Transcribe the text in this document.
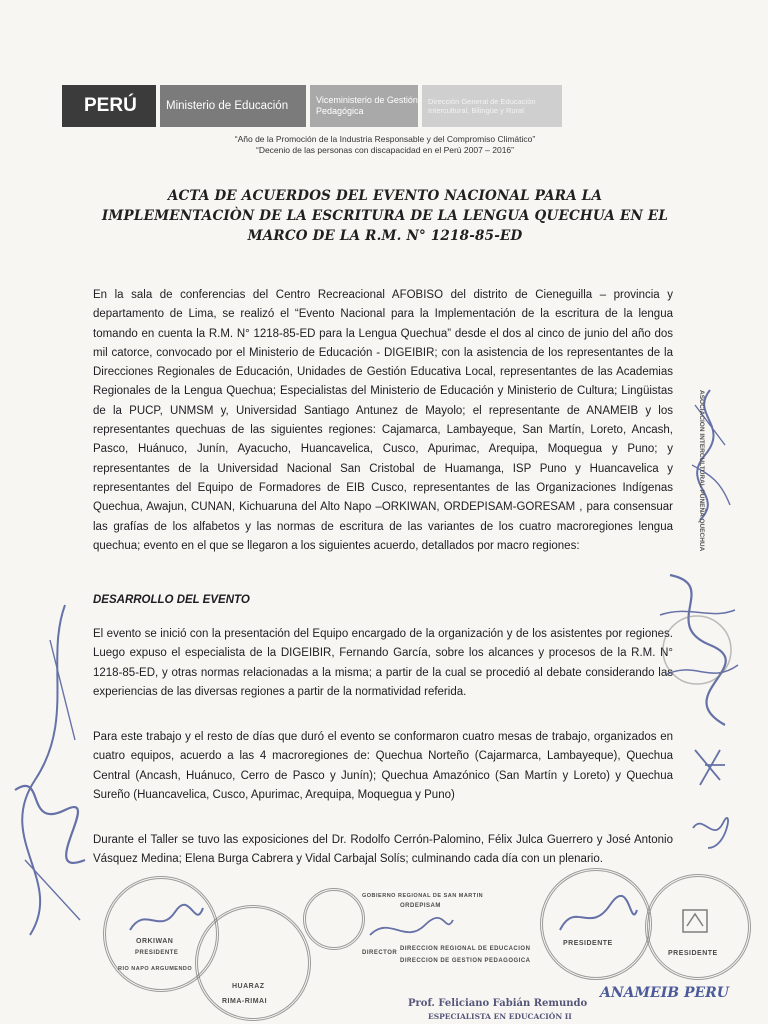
PERÚ	Ministerio de Educación	Viceministerio de Gestión Pedagógica
Dirección General de Educación Intercultural, Bilingüe y Rural
“Año de la Promoción de la Industria Responsable y del Compromiso Climático”
“Decenio de las personas con discapacidad en el Perú 2007 – 2016”
ACTA DE ACUERDOS DEL EVENTO NACIONAL PARA LA
IMPLEMENTACIÒN DE LA ESCRITURA DE LA LENGUA QUECHUA EN EL
MARCO DE LA R.M. N° 1218-85-ED
En la sala de conferencias del Centro Recreacional AFOBISO del distrito de Cieneguilla – provincia y departamento de Lima, se realizó el “Evento Nacional para la Implementación de la escritura de la lengua tomando en cuenta la R.M. N° 1218-85-ED para la Lengua Quechua” desde el dos al cinco de junio del año dos mil catorce, convocado por el Ministerio de Educación - DIGEIBIR; con la asistencia de los representantes de la Direcciones Regionales de Educación, Unidades de Gestión Educativa Local, representantes de las Academias Regionales de la Lengua Quechua; Especialistas del Ministerio de Educación y Ministerio de Cultura; Lingüistas de la PUCP, UNMSM y, Universidad Santiago Antunez de Mayolo; el representante de ANAMEIB y los representantes quechuas de las siguientes regiones: Cajamarca, Lambayeque, San Martín, Loreto, Ancash, Pasco, Huánuco, Junín, Ayacucho, Huancavelica, Cusco, Apurimac, Arequipa, Moquegua y Puno; y representantes de la Universidad Nacional San Cristobal de Huamanga, ISP Puno y Huancavelica y representantes del Equipo de Formadores de EIB Cusco, representantes de las Organizaciones Indígenas Quechua, Awajun, CUNAN, Kichuaruna del Alto Napo –ORKIWAN, ORDEPISAM-GORESAM , para consensuar las grafías de los alfabetos y las normas de escritura de las variantes de los cuatro macroregiones lengua quechua; evento en el que se llegaron a los siguientes acuerdo, detallados por macro regiones:
DESARROLLO DEL EVENTO
El evento se inició con la presentación del Equipo encargado de la organización y de los asistentes por regiones. Luego expuso el especialista de la DIGEIBIR, Fernando García, sobre los alcances y procesos de la R.M. N° 1218-85-ED, y otras normas relacionadas a la misma; a partir de la cual se procedió al debate considerando las experiencias de las diversas regiones a partir de la normatividad referida.
Para este trabajo y el resto de días que duró el evento se conformaron cuatro mesas de trabajo, organizados en cuatro equipos, acuerdo a las 4 macroregiones de: Quechua Norteño (Cajarmarca, Lambayeque), Quechua Central (Ancash, Huánuco, Cerro de Pasco y Junín); Quechua Amazónico (San Martín y Loreto) y Quechua Sureño (Huancavelica, Cusco, Apurimac, Arequipa, Moquegua y Puno)
Durante el Taller se tuvo las exposiciones del Dr. Rodolfo Cerrón-Palomino, Félix Julca Guerrero y José Antonio Vásquez Medina; Elena Burga Cabrera y Vidal Carbajal Solís; culminando cada día con un plenario.
ASOCIACION INTERCULTURAL PUNEÑA QUECHUA
ORKIWAN
PRESIDENTE
RIO NAPO ARGUMENDO
HUARAZ
RIMA-RIMAI
GOBIERNO REGIONAL DE SAN MARTIN
ORDEPISAM
DIRECTOR
DIRECCION REGIONAL DE EDUCACION
DIRECCION DE GESTION PEDAGOGICA
Prof. Feliciano Fabián Remundo
ESPECIALISTA EN EDUCACIÓN II
PRESIDENTE
PRESIDENTE
ANAMEIB PERU
